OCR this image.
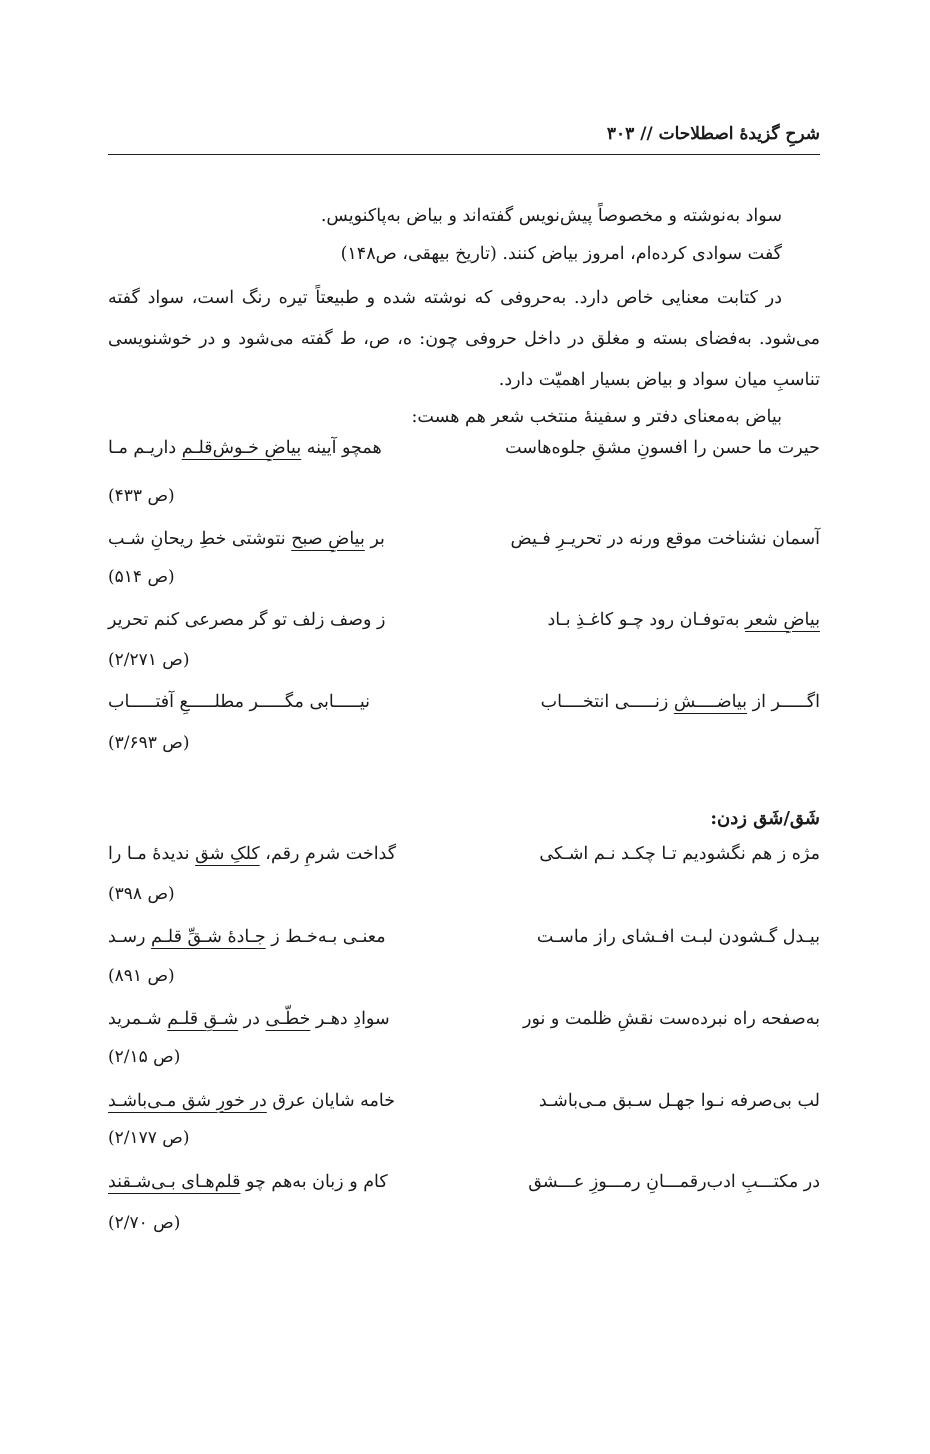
شرحِ گزیدۀ اصطلاحات // ۳۰۳
سواد به‌نوشته و مخصوصاً پیش‌نویس گفته‌اند و بیاض به‌پاکنویس.
گفت سوادی کرده‌ام، امروز بیاض کنند. (تاریخ بیهقی، ص۱۴۸)
در کتابت معنایی خاص دارد. به‌حروفی که نوشته شده و طبیعتاً تیره رنگ است، سواد گفته می‌شود. به‌فضای بسته و مغلق در داخل حروفی چون: ه، ص، ط گفته می‌شود و در خوشنویسی تناسبِ میان سواد و بیاض بسیار اهمیّت دارد.
بیاض به‌معنای دفتر و سفینۀ منتخب شعر هم هست:
حیرت ما حسن را افسونِ مشقِ جلوه‌هاست
همچو آیینه بیاضِ خـوش‌قلـم داریـم مـا
(ص ۴۳۳)
آسمان نشناخت موقع ورنه در تحریـرِ فـیض
بر بیاضِ صبح نتوشتی خطِ ریحانِ شـب
(ص ۵۱۴)
بیاضِ شعر به‌توفـان رود چـو کاغـذِ بـاد
ز وصف زلف تو گر مصرعی کنم تحریر
(ص ۲/۲۷۱)
اگـــــر از بیاضــــش زنـــــی انتخــــاب
نیـــــابی مگـــــر مطلـــــعِ آفتـــــاب
(ص ۳/۶۹۳)
شَق/شَق زدن:
مژه ز هم نگشودیم تـا چکـد نـم اشـکی
گداخت شرمِ رقم، کلکِ شق ندیدۀ مـا را
(ص ۳۹۸)
بیـدل گـشودن لبـت افـشای راز ماسـت
معنـی بـه‌خـط ز جـادۀ شـقِّ قلـم رسـد
(ص ۸۹۱)
به‌صفحه راه نبرده‌ست نقشِ ظلمت و نور
سوادِ دهـر خطّـی در شـقِ قلـم شـمرید
(ص ۲/۱۵)
لب بی‌صرفه نـوا جهـل سـبق مـی‌باشـد
خامه شایان عرق در خورِ شق مـی‌باشـد
(ص ۲/۱۷۷)
در مکتـــبِ ادب‌رقمـــانِ رمـــوزِ عـــشق
کام و زبان به‌هم چو قلم‌هـای بـی‌شـقند
(ص ۲/۷۰)
